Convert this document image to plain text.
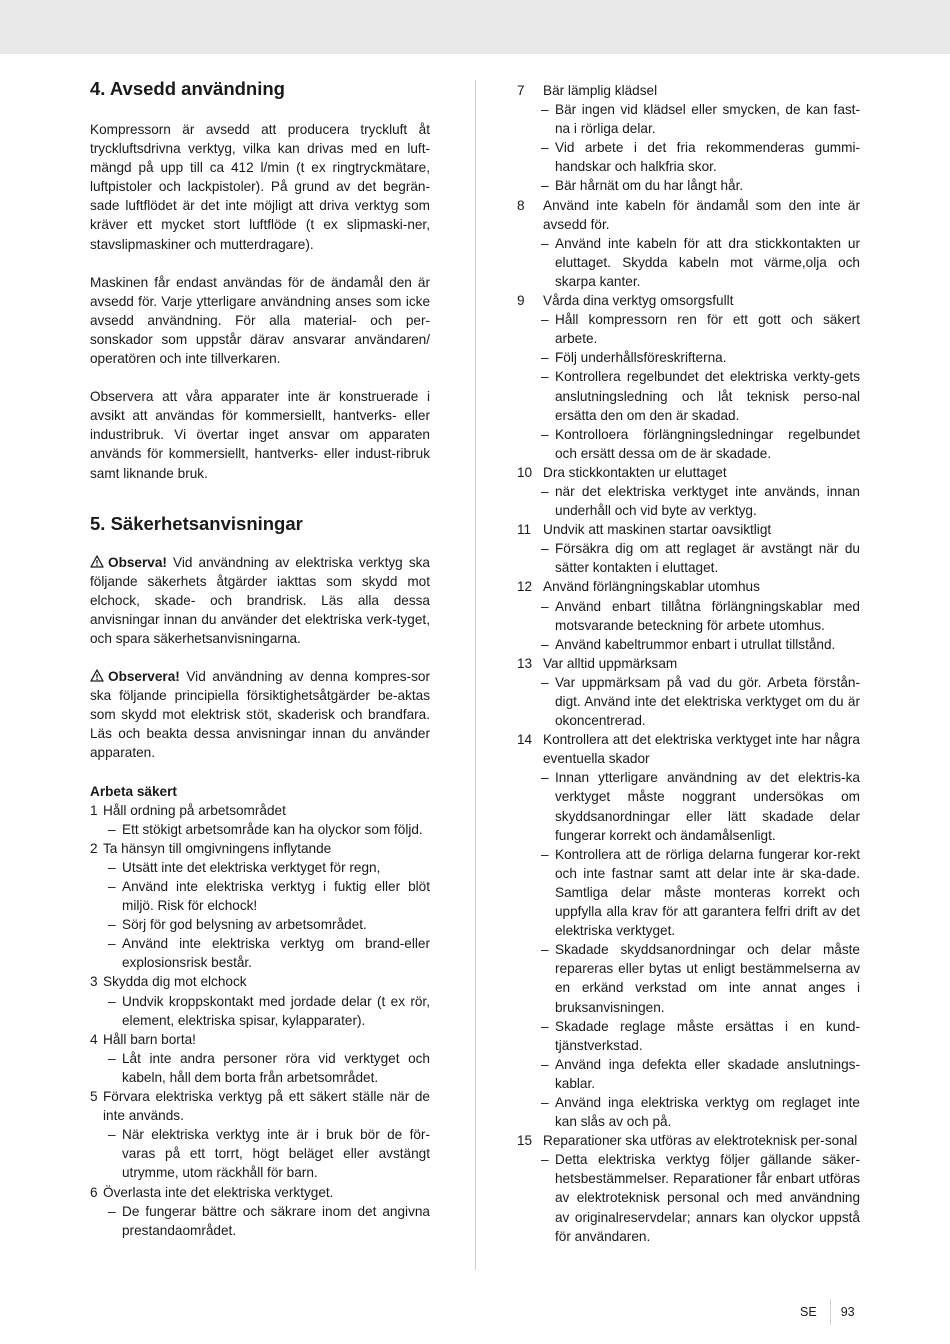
4. Avsedd användning

Kompressorn är avsedd att producera tryckluft åt tryckluftsdrivna verktyg, vilka kan drivas med en luft-mängd på upp till ca 412 l/min (t ex ringtryckmätare, luftpistoler och lackpistoler). På grund av det begrän-sade luftflödet är det inte möjligt att driva verktyg som kräver ett mycket stort luftflöde (t ex slipmaski-ner, stavslipmaskiner och mutterdragare).

Maskinen får endast användas för de ändamål den är avsedd för. Varje ytterligare användning anses som icke avsedd användning. För alla material- och per-sonskador som uppstår därav ansvarar användaren/ operatören och inte tillverkaren.

Observera att våra apparater inte är konstruerade i avsikt att användas för kommersiellt, hantverks- eller industribruk. Vi övertar inget ansvar om apparaten används för kommersiellt, hantverks- eller indust-ribruk samt liknande bruk.

5. Säkerhetsanvisningar

Observa! Vid användning av elektriska verktyg ska följande säkerhets åtgärder iakttas som skydd mot elchock, skade- och brandrisk. Läs alla dessa anvisningar innan du använder det elektriska verk-tyget, och spara säkerhetsanvisningarna.

Observera! Vid användning av denna kompres-sor ska följande principiella försiktighetsåtgärder be-aktas som skydd mot elektrisk stöt, skaderisk och brandfara. Läs och beakta dessa anvisningar innan du använder apparaten.

Arbeta säkert
1 Håll ordning på arbetsområdet
– Ett stökigt arbetsområde kan ha olyckor som följd.
2 Ta hänsyn till omgivningens inflytande
– Utsätt inte det elektriska verktyget för regn,
– Använd inte elektriska verktyg i fuktig eller blöt miljö. Risk för elchock!
– Sörj för god belysning av arbetsområdet.
– Använd inte elektriska verktyg om brand-eller explosionsrisk består.
3 Skydda dig mot elchock
– Undvik kroppskontakt med jordade delar (t ex rör, element, elektriska spisar, kylapparater).
4 Håll barn borta!
– Låt inte andra personer röra vid verktyget och kabeln, håll dem borta från arbetsområdet.
5 Förvara elektriska verktyg på ett säkert ställe när de inte används.
– När elektriska verktyg inte är i bruk bör de för-varas på ett torrt, högt beläget eller avstängt utrymme, utom räckhåll för barn.
6 Överlasta inte det elektriska verktyget.
– De fungerar bättre och säkrare inom det angivna prestandaområdet.
7	Bär lämplig klädsel
– Bär ingen vid klädsel eller smycken, de kan fast-na i rörliga delar.
– Vid arbete i det fria rekommenderas gummi-handskar och halkfria skor.
– Bär hårnät om du har långt hår.
8	Använd inte kabeln för ändamål som den inte är avsedd för.
– Använd inte kabeln för att dra stickkontakten ur eluttaget. Skydda kabeln mot värme,olja och skarpa kanter.
9	Vårda dina verktyg omsorgsfullt
– Håll kompressorn ren för ett gott och säkert arbete.
– Följ underhållsföreskrifterna.
– Kontrollera regelbundet det elektriska verkty-gets anslutningsledning och låt teknisk perso-nal ersätta den om den är skadad.
– Kontrolloera förlängningsledningar regelbundet och ersätt dessa om de är skadade.
10 Dra stickkontakten ur eluttaget
– när det elektriska verktyget inte används, innan underhåll och vid byte av verktyg.
11 Undvik att maskinen startar oavsiktligt
– Försäkra dig om att reglaget är avstängt när du sätter kontakten i eluttaget.
12 Använd förlängningskablar utomhus
– Använd enbart tillåtna förlängningskablar med motsvarande beteckning för arbete utomhus.
– Använd kabeltrummor enbart i utrullat tillstånd.
13 Var alltid uppmärksam
– Var uppmärksam på vad du gör. Arbeta förstån-digt. Använd inte det elektriska verktyget om du är okoncentrerad.
14 Kontrollera att det elektriska verktyget inte har några eventuella skador
– Innan ytterligare användning av det elektris-ka verktyget måste noggrant undersökas om skyddsanordningar eller lätt skadade delar fungerar korrekt och ändamålsenligt.
– Kontrollera att de rörliga delarna fungerar kor-rekt och inte fastnar samt att delar inte är ska-dade. Samtliga delar måste monteras korrekt och uppfylla alla krav för att garantera felfri drift av det elektriska verktyget.
– Skadade skyddsanordningar och delar måste repareras eller bytas ut enligt bestämmelserna av en erkänd verkstad om inte annat anges i bruksanvisningen.
– Skadade reglage måste ersättas i en kund-tjänstverkstad.
– Använd inga defekta eller skadade anslutnings-kablar.
– Använd inga elektriska verktyg om reglaget inte kan slås av och på.
15 Reparationer ska utföras av elektroteknisk per-sonal
– Detta elektriska verktyg följer gällande säker-hetsbestämmelser. Reparationer får enbart utföras av elektroteknisk personal och med användning av originalreservdelar; annars kan olyckor uppstå för användaren.
SE 93
